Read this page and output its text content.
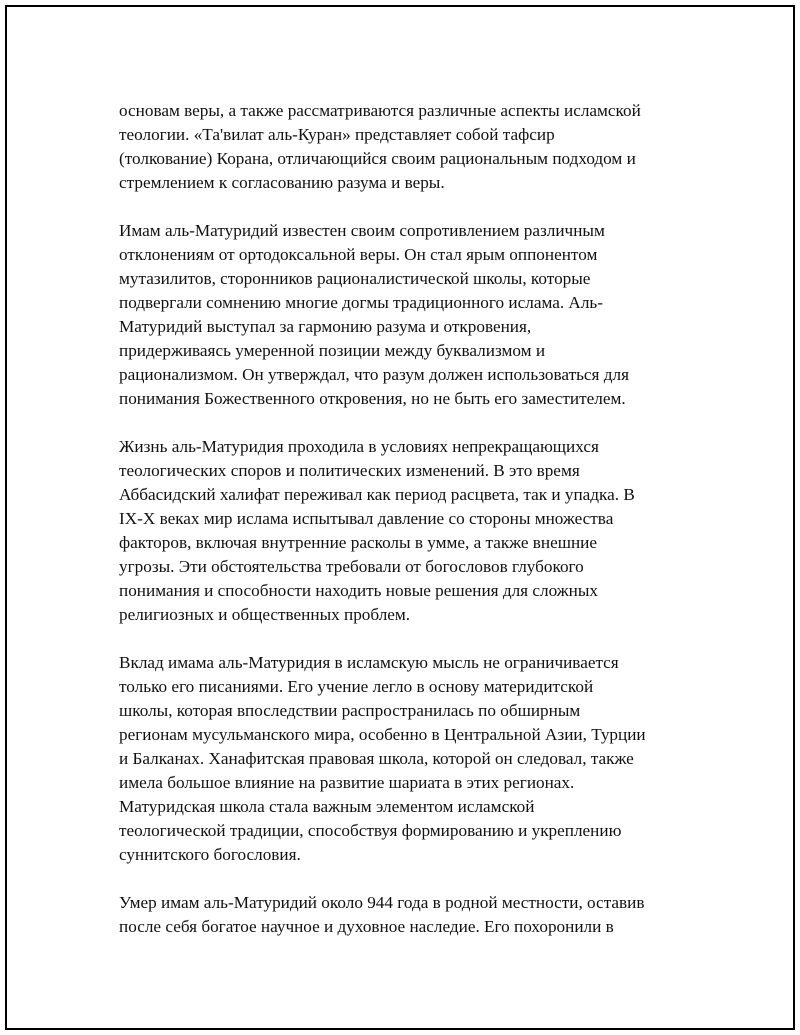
основам веры, а также рассматриваются различные аспекты исламской
теологии. «Та'вилат аль-Куран» представляет собой тафсир
(толкование) Корана, отличающийся своим рациональным подходом и
стремлением к согласованию разума и веры.

Имам аль-Матуридий известен своим сопротивлением различным
отклонениям от ортодоксальной веры. Он стал ярым оппонентом
мутазилитов, сторонников рационалистической школы, которые
подвергали сомнению многие догмы традиционного ислама. Аль-
Матуридий выступал за гармонию разума и откровения,
придерживаясь умеренной позиции между буквализмом и
рационализмом. Он утверждал, что разум должен использоваться для
понимания Божественного откровения, но не быть его заместителем.

Жизнь аль-Матуридия проходила в условиях непрекращающихся
теологических споров и политических изменений. В это время
Аббасидский халифат переживал как период расцвета, так и упадка. В
IX-X веках мир ислама испытывал давление со стороны множества
факторов, включая внутренние расколы в умме, а также внешние
угрозы. Эти обстоятельства требовали от богословов глубокого
понимания и способности находить новые решения для сложных
религиозных и общественных проблем.

Вклад имама аль-Матуридия в исламскую мысль не ограничивается
только его писаниями. Его учение легло в основу материдитской
школы, которая впоследствии распространилась по обширным
регионам мусульманского мира, особенно в Центральной Азии, Турции
и Балканах. Ханафитская правовая школа, которой он следовал, также
имела большое влияние на развитие шариата в этих регионах.
Матуридская школа стала важным элементом исламской
теологической традиции, способствуя формированию и укреплению
суннитского богословия.

Умер имам аль-Матуридий около 944 года в родной местности, оставив
после себя богатое научное и духовное наследие. Его похоронили в
